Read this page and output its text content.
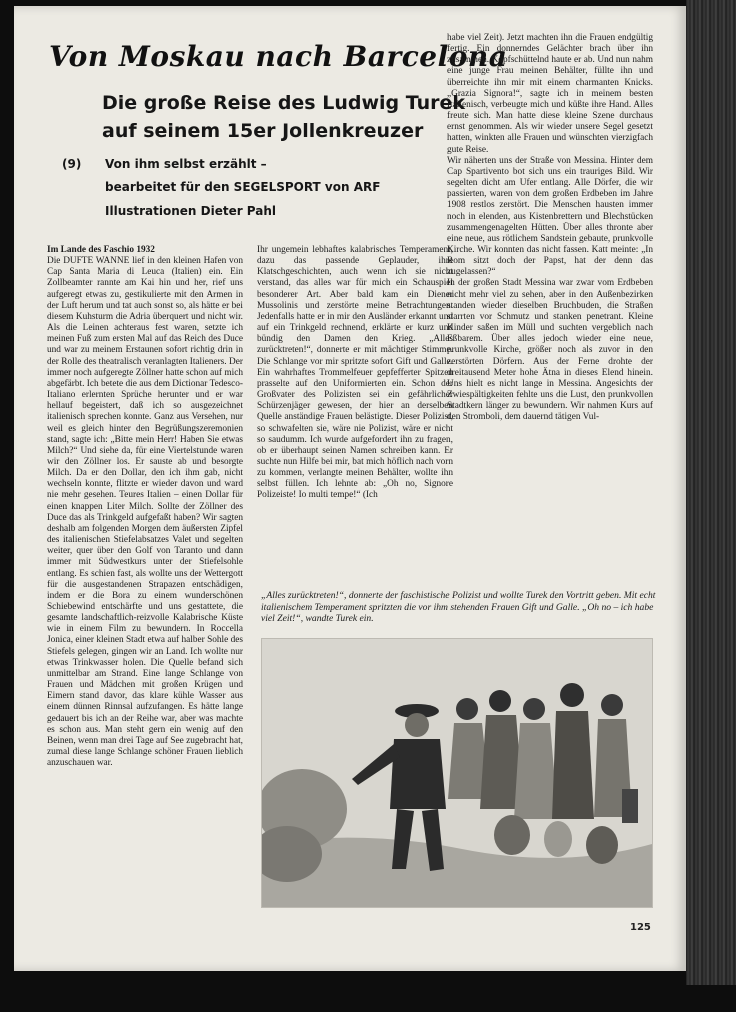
Von Moskau nach Barcelona
Die große Reise des Ludwig Turek
auf seinem 15er Jollenkreuzer
(9) Von ihm selbst erzählt –
bearbeitet für den SEGELSPORT von ARF
Illustrationen Dieter Pahl

Im Lande des Faschio 1932

Die DUFTE WANNE lief in den kleinen Hafen von Cap Santa Maria di Leuca (Italien) ein. Ein Zollbeamter rannte am Kai hin und her, rief uns aufgeregt etwas zu, gestikulierte mit den Armen in der Luft herum und tat auch sonst so, als hätte er bei diesem Kuhsturm die Adria überquert und nicht wir. Als die Leinen achteraus fest waren, setzte ich meinen Fuß zum ersten Mal auf das Reich des Duce und war zu meinem Erstaunen sofort richtig drin in der Rolle des theatralisch veranlagten Italieners. Der immer noch aufgeregte Zöllner hatte schon auf mich abgefärbt. Ich betete die aus dem Dictionar Tedesco-Italiano erlernten Sprüche herunter und er war hellauf begeistert, daß ich so ausgezeichnet italienisch sprechen konnte. Ganz aus Versehen, nur weil es gleich hinter den Begrüßungszeremonien stand, sagte ich: „Bitte mein Herr! Haben Sie etwas Milch?“ Und siehe da, für eine Viertelstunde waren wir den Zöllner los. Er sauste ab und besorgte Milch. Da er den Dollar, den ich ihm gab, nicht wechseln konnte, flitzte er wieder davon und ward nie mehr gesehen. Teures Italien – einen Dollar für einen knappen Liter Milch. Sollte der Zöllner des Duce das als Trinkgeld aufgefaßt haben? Wir sagten deshalb am folgenden Morgen dem äußersten Zipfel des italienischen Stiefelabsatzes Valet und segelten weiter, quer über den Golf von Taranto und dann immer mit Südwestkurs unter der Stiefelsohle entlang. Es schien fast, als wollte uns der Wettergott für die ausgestandenen Strapazen entschädigen, indem er die Bora zu einem wunderschönen Schiebewind entschärfte und uns gestattete, die gesamte landschaftlich-reizvolle Kalabrische Küste wie in einem Film zu bewundern. In Roccella Jonica, einer kleinen Stadt etwa auf halber Sohle des Stiefels gelegen, gingen wir an Land. Ich wollte nur etwas Trinkwasser holen. Die Quelle befand sich unmittelbar am Strand. Eine lange Schlange von Frauen und Mädchen mit großen Krügen und Eimern stand davor, das klare kühle Wasser aus einem dünnen Rinnsal aufzufangen. Es hätte lange gedauert bis ich an der Reihe war, aber was machte es schon aus. Man steht gern ein wenig auf den Beinen, wenn man drei Tage auf See zugebracht hat, zumal diese lange Schlange schöner Frauen lieblich anzuschauen war.

Ihr ungemein lebhaftes kalabrisches Temperament, dazu das passende Geplauder, ihre Klatschgeschichten, auch wenn ich sie nicht verstand, das alles war für mich ein Schauspiel besonderer Art. Aber bald kam ein Diener Mussolinis und zerstörte meine Betrachtungen. Jedenfalls hatte er in mir den Ausländer erkannt und auf ein Trinkgeld rechnend, erklärte er kurz und bündig den Damen den Krieg. „Alles zurücktreten!“, donnerte er mit mächtiger Stimme. Die Schlange vor mir spritzte sofort Gift und Galle. Ein wahrhaftes Trommelfeuer gepfefferter Spitzen prasselte auf den Uniformierten ein. Schon der Großvater des Polizisten sei ein gefährlicher Schürzenjäger gewesen, der hier an derselben Quelle anständige Frauen belästigte. Dieser Polizist, so schwafelten sie, wäre nie Polizist, wäre er nicht so saudumm. Ich wurde aufgefordert ihn zu fragen, ob er überhaupt seinen Namen schreiben kann. Er suchte nun Hilfe bei mir, bat mich höflich nach vorn zu kommen, verlangte meinen Behälter, wollte ihn selbst füllen. Ich lehnte ab: „Oh no, Signore Polizeiste! Io multi tempe!“ (Ich

habe viel Zeit). Jetzt machten ihn die Frauen endgültig fertig. Ein donnerndes Gelächter brach über ihn zusammen. Kopfschüttelnd haute er ab. Und nun nahm eine junge Frau meinen Behälter, füllte ihn und überreichte ihn mir mit einem charmanten Knicks. „Grazia Signora!“, sagte ich in meinem besten Italienisch, verbeugte mich und küßte ihre Hand. Alles freute sich. Man hatte diese kleine Szene durchaus ernst genommen. Als wir wieder unsere Segel gesetzt hatten, winkten alle Frauen und wünschten vierzigfach gute Reise.

Wir näherten uns der Straße von Messina. Hinter dem Cap Spartivento bot sich uns ein trauriges Bild. Wir segelten dicht am Ufer entlang. Alle Dörfer, die wir passierten, waren von dem großen Erdbeben im Jahre 1908 restlos zerstört. Die Menschen hausten immer noch in elenden, aus Kistenbrettern und Blechstücken zusammengenagelten Hütten. Über alles thronte aber eine neue, aus rötlichem Sandstein gebaute, prunkvolle Kirche. Wir konnten das nicht fassen. Katt meinte: „In Rom sitzt doch der Papst, hat der denn das zugelassen?“

In der großen Stadt Messina war zwar vom Erdbeben nicht mehr viel zu sehen, aber in den Außenbezirken standen wieder dieselben Bruchbuden, die Straßen starrten vor Schmutz und stanken penetrant. Kleine Kinder saßen im Müll und suchten vergeblich nach Eßbarem. Über alles jedoch wieder eine neue, prunkvolle Kirche, größer noch als zuvor in den zerstörten Dörfern. Aus der Ferne drohte der dreitausend Meter hohe Ätna in dieses Elend hinein. Uns hielt es nicht lange in Messina. Angesichts der Zwiespältigkeiten fehlte uns die Lust, den prunkvollen Stadtkern länger zu bewundern. Wir nahmen Kurs auf den Stromboli, dem dauernd tätigen Vul-

„Alles zurücktreten!“, donnerte der faschistische Polizist und wollte Turek den Vortritt geben. Mit echt italienischem Temperament spritzten die vor ihm stehenden Frauen Gift und Galle. „Oh no – ich habe viel Zeit!“, wandte Turek ein.

125
